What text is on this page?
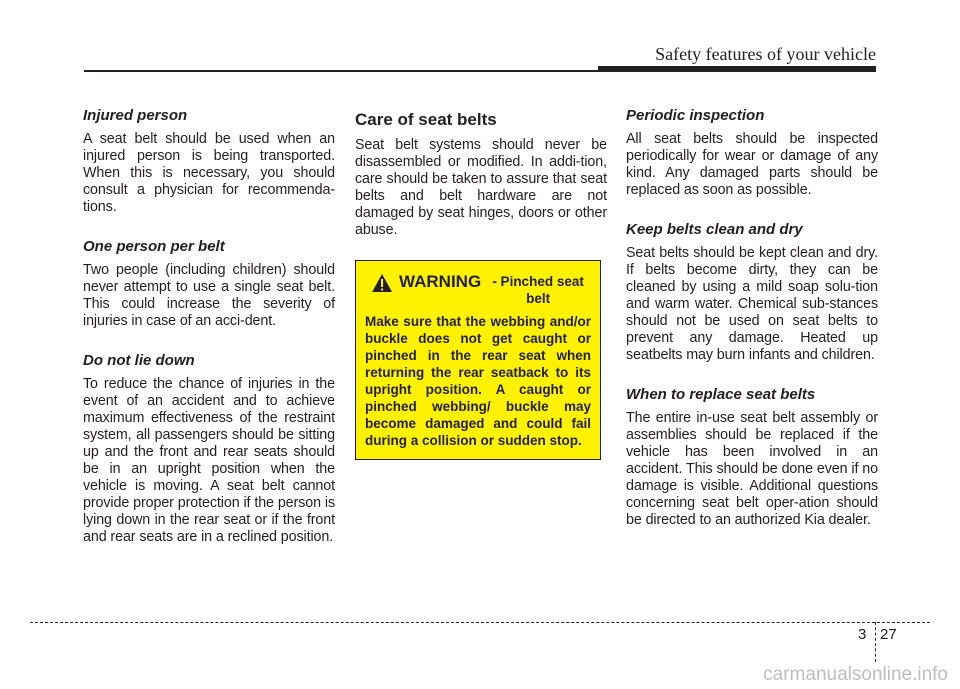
Safety features of your vehicle
Injured person
A seat belt should be used when an injured person is being transported. When this is necessary, you should consult a physician for recommenda-tions.
One person per belt
Two people (including children) should never attempt to use a single seat belt. This could increase the severity of injuries in case of an acci-dent.
Do not lie down
To reduce the chance of injuries in the event of an accident and to achieve maximum effectiveness of the restraint system, all passengers should be sitting up and the front and rear seats should be in an upright position when the vehicle is moving. A seat belt cannot provide proper protection if the person is lying down in the rear seat or if the front and rear seats are in a reclined position.
Care of seat belts
Seat belt systems should never be disassembled or modified. In addi-tion, care should be taken to assure that seat belts and belt hardware are not damaged by seat hinges, doors or other abuse.
WARNING - Pinched seat belt
Make sure that the webbing and/or buckle does not get caught or pinched in the rear seat when returning the rear seatback to its upright position. A caught or pinched webbing/ buckle may become damaged and could fail during a collision or sudden stop.
Periodic inspection
All seat belts should be inspected periodically for wear or damage of any kind. Any damaged parts should be replaced as soon as possible.
Keep belts clean and dry
Seat belts should be kept clean and dry. If belts become dirty, they can be cleaned by using a mild soap solu-tion and warm water. Chemical sub-stances should not be used on seat belts to prevent any damage. Heated up seatbelts may burn infants and children.
When to replace seat belts
The entire in-use seat belt assembly or assemblies should be replaced if the vehicle has been involved in an accident. This should be done even if no damage is visible. Additional questions concerning seat belt oper-ation should be directed to an authorized Kia dealer.
3 27
carmanualsonline.info
